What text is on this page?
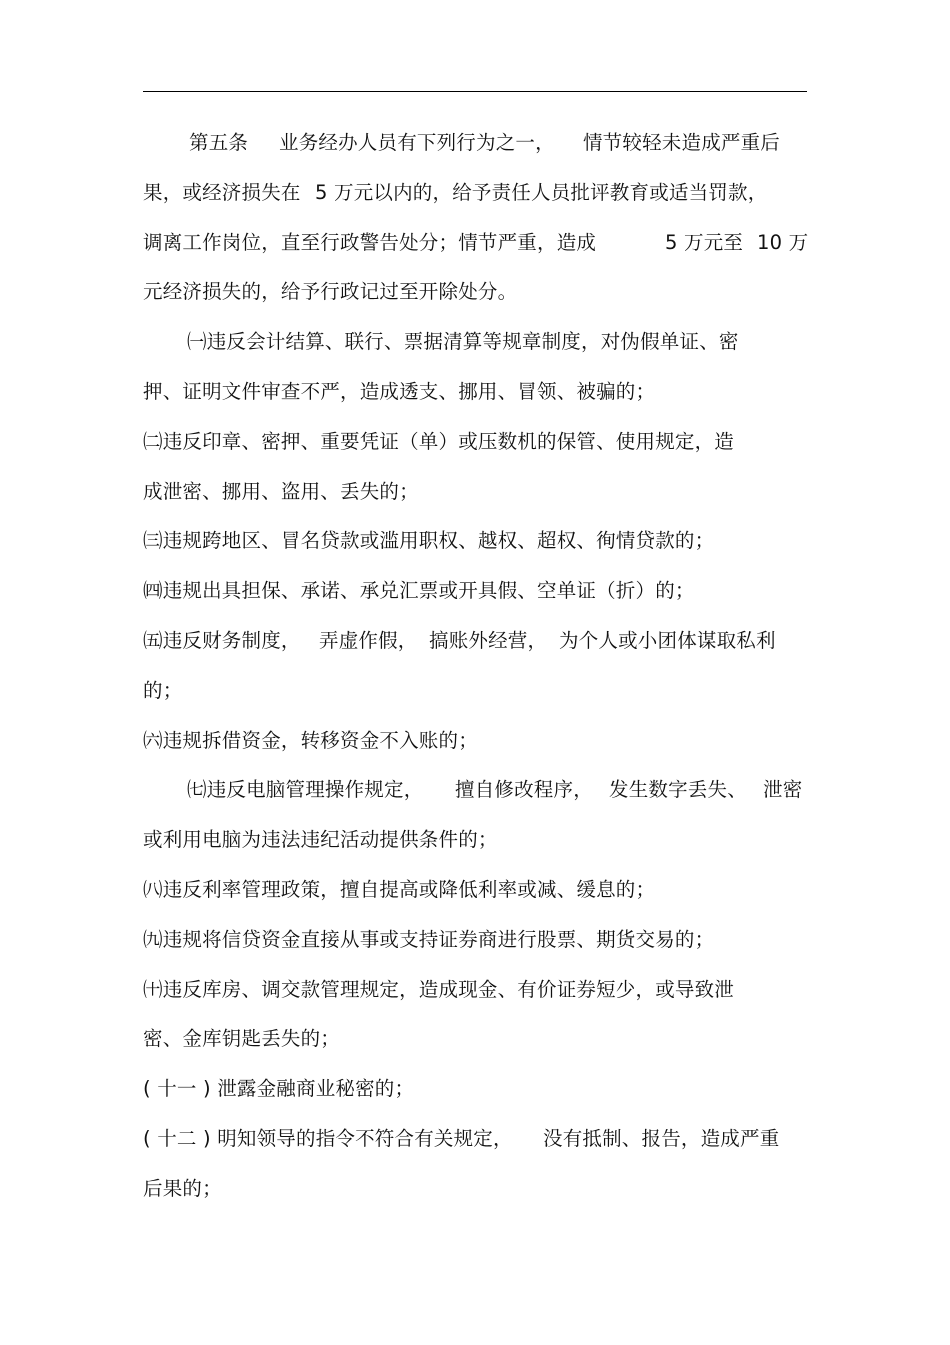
第五条 业务经办人员有下列行为之一， 情节较轻未造成严重后
果，或经济损失在 5 万元以内的，给予责任人员批评教育或适当罚款，
调离工作岗位，直至行政警告处分；情节严重，造成	5 万元至 10 万
元经济损失的，给予行政记过至开除处分。
㈠违反会计结算、联行、票据清算等规章制度，对伪假单证、密
押、证明文件审查不严，造成透支、挪用、冒领、被骗的；
㈡违反印章、密押、重要凭证（单）或压数机的保管、使用规定，造
成泄密、挪用、盗用、丢失的；
㈢违规跨地区、冒名贷款或滥用职权、越权、超权、徇情贷款的；
㈣违规出具担保、承诺、承兑汇票或开具假、空单证（折）的；
㈤违反财务制度， 弄虚作假， 搞账外经营， 为个人或小团体谋取私利
的；
㈥违规拆借资金，转移资金不入账的；
㈦违反电脑管理操作规定， 擅自修改程序， 发生数字丢失、 泄密
或利用电脑为违法违纪活动提供条件的；
㈧违反利率管理政策，擅自提高或降低利率或减、缓息的；
㈨违规将信贷资金直接从事或支持证券商进行股票、期货交易的；
㈩违反库房、调交款管理规定，造成现金、有价证券短少，或导致泄
密、金库钥匙丢失的；
( 十一 ) 泄露金融商业秘密的；
( 十二 ) 明知领导的指令不符合有关规定， 没有抵制、报告，造成严重
后果的；
